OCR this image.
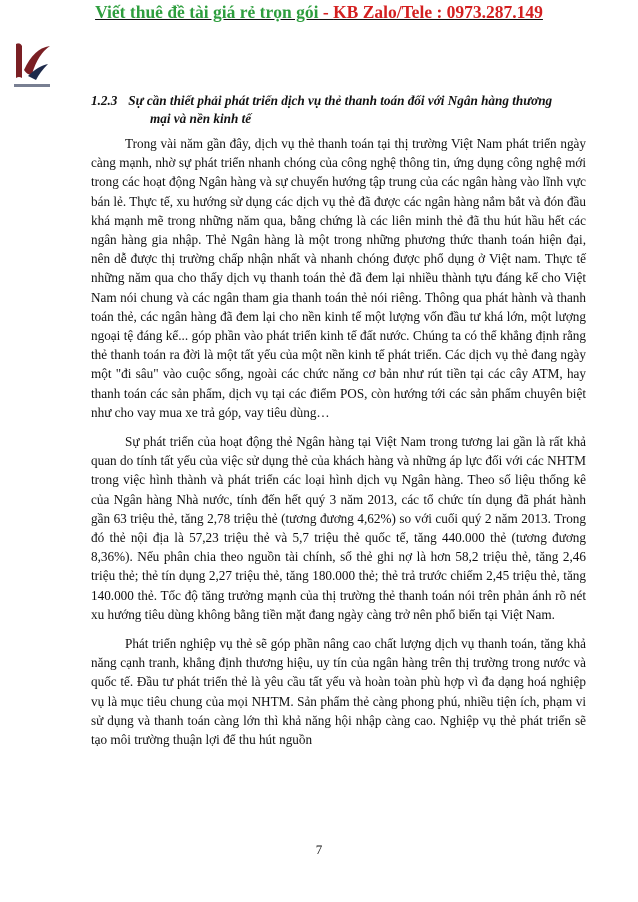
Viết thuê đề tài giá rẻ trọn gói - KB Zalo/Tele : 0973.287.149
1.2.3 Sự cần thiết phải phát triển dịch vụ thẻ thanh toán đối với Ngân hàng thương
mại và nền kinh tế

Trong vài năm gần đây, dịch vụ thẻ thanh toán tại thị trường Việt Nam phát triển ngày càng mạnh, nhờ sự phát triển nhanh chóng của công nghệ thông tin, ứng dụng công nghệ mới trong các hoạt động Ngân hàng và sự chuyển hướng tập trung của các ngân hàng vào lĩnh vực bán lẻ. Thực tế, xu hướng sử dụng các dịch vụ thẻ đã được các ngân hàng nắm bắt và đón đầu khá mạnh mẽ trong những năm qua, bằng chứng là các liên minh thẻ đã thu hút hầu hết các ngân hàng gia nhập. Thẻ Ngân hàng là một trong những phương thức thanh toán hiện đại, nên dễ được thị trường chấp nhận nhất và nhanh chóng được phổ dụng ở Việt nam. Thực tế những năm qua cho thấy dịch vụ thanh toán thẻ đã đem lại nhiều thành tựu đáng kể cho Việt Nam nói chung và các ngân tham gia thanh toán thẻ nói riêng. Thông qua phát hành và thanh toán thẻ, các ngân hàng đã đem lại cho nền kinh tế một lượng vốn đầu tư khá lớn, một lượng ngoại tệ đáng kể... góp phần vào phát triển kinh tế đất nước. Chúng ta có thể khẳng định rằng thẻ thanh toán ra đời là một tất yếu của một nền kinh tế phát triển. Các dịch vụ thẻ đang ngày một "đi sâu" vào cuộc sống, ngoài các chức năng cơ bản như rút tiền tại các cây ATM, hay thanh toán các sản phẩm, dịch vụ tại các điểm POS, còn hướng tới các sản phẩm chuyên biệt như cho vay mua xe trả góp, vay tiêu dùng…

Sự phát triển của hoạt động thẻ Ngân hàng tại Việt Nam trong tương lai gần là rất khả quan do tính tất yếu của việc sử dụng thẻ của khách hàng và những áp lực đối với các NHTM trong việc hình thành và phát triển các loại hình dịch vụ Ngân hàng. Theo số liệu thống kê của Ngân hàng Nhà nước, tính đến hết quý 3 năm 2013, các tổ chức tín dụng đã phát hành gần 63 triệu thẻ, tăng 2,78 triệu thẻ (tương đương 4,62%) so với cuối quý 2 năm 2013. Trong đó thẻ nội địa là 57,23 triệu thẻ và 5,7 triệu thẻ quốc tế, tăng 440.000 thẻ (tương đương 8,36%). Nếu phân chia theo nguồn tài chính, số thẻ ghi nợ là hơn 58,2 triệu thẻ, tăng 2,46 triệu thẻ; thẻ tín dụng 2,27 triệu thẻ, tăng 180.000 thẻ; thẻ trả trước chiếm 2,45 triệu thẻ, tăng 140.000 thẻ. Tốc độ tăng trưởng mạnh của thị trường thẻ thanh toán nói trên phản ánh rõ nét xu hướng tiêu dùng không bằng tiền mặt đang ngày càng trở nên phổ biến tại Việt Nam.

Phát triển nghiệp vụ thẻ sẽ góp phần nâng cao chất lượng dịch vụ thanh toán, tăng khả năng cạnh tranh, khẳng định thương hiệu, uy tín của ngân hàng trên thị trường trong nước và quốc tế. Đầu tư phát triển thẻ là yêu cầu tất yếu và hoàn toàn phù hợp vì đa dạng hoá nghiệp vụ là mục tiêu chung của mọi NHTM. Sản phẩm thẻ càng phong phú, nhiều tiện ích, phạm vi sử dụng và thanh toán càng lớn thì khả năng hội nhập càng cao. Nghiệp vụ thẻ phát triển sẽ tạo môi trường thuận lợi để thu hút nguồn

7
